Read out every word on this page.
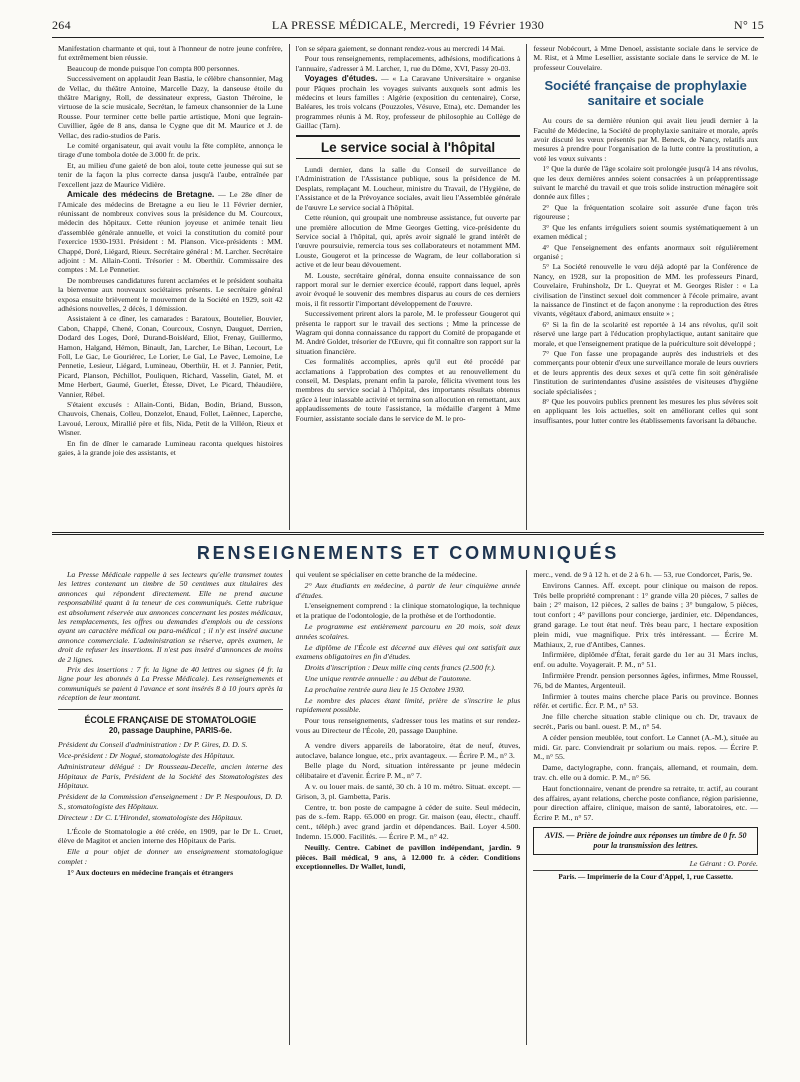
264	LA PRESSE MÉDICALE, Mercredi, 19 Février 1930	N° 15

Manifestation charmante et qui, tout à l'honneur de notre jeune confrère, fut extrêmement bien réussie.

Beaucoup de monde puisque l'on compta 800 personnes.

Successivement on applaudit Jean Bastia, le célèbre chansonnier, Mag de Vellac, du théâtre Antoine, Marcelle Dazy, la danseuse étoile du théâtre Marigny, Roll, de dessinateur express, Gaston Théroine, le virtuose de la scie musicale, Secrétan, le fameux chansonnier de la Lune Rousse. Pour terminer cette belle partie artistique, Moni que Iegrain-Cuvillier, âgée de 8 ans, dansa le Cygne que dit M. Maurice et J. de Vellac, des radio-studios de Paris.

Le comité organisateur, qui avait voulu la fête complète, annonça le tirage d'une tombola dotée de 3.000 fr. de prix.

Et, au milieu d'une gaieté de bon aloi, toute cette jeunesse qui sut se tenir de la façon la plus correcte dansa jusqu'à l'aube, entraînée par l'excellent jazz de Maurice Vidière.

Amicale des médecins de Bretagne. — Le 28e dîner de l'Amicale des médecins de Bretagne a eu lieu le 11 Février dernier, réunissant de nombreux convives sous la présidence du M. Courcoux, médecin des hôpitaux. Cette réunion joyeuse et animée tenait lieu d'assemblée générale annuelle, et voici la constitution du comité pour l'exercice 1930-1931. Président : M. Planson. Vice-présidents : MM. Chappé, Doré, Liégard, Rieux. Secrétaire général : M. Larcher. Secrétaire adjoint : M. Allain-Conti. Trésorier : M. Oberthür. Commissaire des comptes : M. Le Pennetier.

De nombreuses candidatures furent acclamées et le président souhaita la bienvenue aux nouveaux sociétaires présents. Le secrétaire général exposa ensuite brièvement le mouvement de la Société en 1929, soit 42 adhésions nouvelles, 2 décès, 1 démission.

Assistaient à ce dîner, les camarades : Baratoux, Boutelier, Bouvier, Cabon, Chappé, Chené, Conan, Courcoux, Cosnyn, Dauguet, Derrien, Dodard des Loges, Doré, Durand-Boisléard, Eliot, Frenay, Guillermo, Hamon, Halgand, Hémon, Binault, Jan, Larcher, Le Bihan, Lecourt, Le Foll, Le Gac, Le Gouriérec, Le Lorier, Le Gal, Le Pavec, Lemoine, Le Pennetie, Lesieur, Liégard, Lumineau, Oberthür, H. et J. Pannier, Petit, Picard, Planson, Péchillot, Pouliquen, Richard, Vasselin, Gatel, M. et Mme Herbert, Gaumé, Guerlet, Étesse, Divet, Le Picard, Théaudière, Vannier, Rébel.

S'étaient excusés : Allain-Conti, Bidan, Bodin, Briand, Busson, Chauvois, Chenais, Colleu, Donzelot, Enaud, Follet, Laënnec, Laperche, Lavoué, Leroux, Mirallié père et fils, Nida, Petit de la Villéon, Rieux et Wisner.

En fin de dîner le camarade Lumineau raconta quelques histoires gaies, à la grande joie des assistants, et

l'on se sépara gaiement, se donnant rendez-vous au mercredi 14 Mai.

Pour tous renseignements, remplacements, adhésions, modifications à l'annuaire, s'adresser à M. Larcher, 1, rue du Dôme, XVI, Passy 20-03.

Voyages d'études. — « La Caravane Universitaire » organise pour Pâques prochain les voyages suivants auxquels sont admis les médecins et leurs familles : Algérie (exposition du centenaire), Corse, Baléares, les trois volcans (Pouzzoles, Vésuve, Etna), etc. Demander les programmes réunis à M. Roy, professeur de philosophie au Collège de Gaillac (Tarn).

Le service social à l'hôpital

Lundi dernier, dans la salle du Conseil de surveillance de l'Administration de l'Assistance publique, sous la présidence de M. Desplats, remplaçant M. Loucheur, ministre du Travail, de l'Hygiène, de l'Assistance et de la Prévoyance sociales, avait lieu l'Assemblée générale de l'œuvre Le service social à l'hôpital.

Cette réunion, qui groupait une nombreuse assistance, fut ouverte par une première allocution de Mme Georges Getting, vice-présidente du Service social à l'hôpital, qui, après avoir signalé le grand intérêt de l'œuvre poursuivie, remercia tous ses collaborateurs et notamment MM. Louste, Gougerot et la princesse de Wagram, de leur collaboration si active et de leur beau dévouement.

M. Louste, secrétaire général, donna ensuite connaissance de son rapport moral sur le dernier exercice écoulé, rapport dans lequel, après avoir évoqué le souvenir des membres disparus au cours de ces derniers mois, il fit ressortir l'important développement de l'œuvre.

Successivement prirent alors la parole, M. le professeur Gougerot qui présenta le rapport sur le travail des sections ; Mme la princesse de Wagram qui donna connaissance du rapport du Comité de propagande et M. André Goldet, trésorier de l'Œuvre, qui fit connaître son rapport sur la situation financière.

Ces formalités accomplies, après qu'il eut été procédé par acclamations à l'approbation des comptes et au renouvellement du conseil, M. Desplats, prenant enfin la parole, félicita vivement tous les membres du service social à l'hôpital, des importants résultats obtenus grâce à leur inlassable activité et termina son allocution en remettant, aux applaudissements de toute l'assistance, la médaille d'argent à Mme Fournier, assistante sociale dans le service de M. le pro-

fesseur Nobécourt, à Mme Denoel, assistante sociale dans le service de M. Rist, et à Mme Lesellier, assistante sociale dans le service de M. le professeur Couvelaire.

Société française de prophylaxie sanitaire et sociale

Au cours de sa dernière réunion qui avait lieu jeudi dernier à la Faculté de Médecine, la Société de prophylaxie sanitaire et morale, après avoir discuté les vœux présentés par M. Beneck, de Nancy, relatifs aux mesures à prendre pour l'organisation de la lutte contre la prostitution, a voté les vœux suivants :

1° Que la durée de l'âge scolaire soit prolongée jusqu'à 14 ans révolus, que les deux dernières années soient consacrées à un préapprentissage suivant le marché du travail et que trois solide instruction ménagère soit donnée aux filles ;

2° Que la fréquentation scolaire soit assurée d'une façon très rigoureuse ;

3° Que les enfants irréguliers soient soumis systématiquement à un examen médical ;

4° Que l'enseignement des enfants anormaux soit régulièrement organisé ;

5° La Société renouvelle le vœu déjà adopté par la Conférence de Nancy, en 1928, sur la proposition de MM. les professeurs Pinard, Couvelaire, Fruhinsholz, Dr L. Queyrat et M. Georges Risler : « La civilisation de l'instinct sexuel doit commencer à l'école primaire, avant la naissance de l'instinct et de façon anonyme : la reproduction des êtres vivants, végétaux d'abord, animaux ensuite » ;

6° Si la fin de la scolarité est reportée à 14 ans révolus, qu'il soit réservé une large part à l'éducation prophylactique, autant sanitaire que morale, et que l'enseignement pratique de la puériculture soit développé ;

7° Que l'on fasse une propagande auprès des industriels et des commerçants pour obtenir d'eux une surveillance morale de leurs ouvriers et de leurs apprentis des deux sexes et qu'à cette fin soit généralisée l'institution de surintendantes d'usine assistées de visiteuses d'hygiène sociale spécialisées ;

8° Que les pouvoirs publics prennent les mesures les plus sévères soit en appliquant les lois actuelles, soit en améliorant celles qui sont insuffisantes, pour lutter contre les établissements favorisant la débauche.

RENSEIGNEMENTS ET COMMUNIQUÉS

La Presse Médicale rappelle à ses lecteurs qu'elle transmet toutes les lettres contenant un timbre de 50 centimes aux titulaires des annonces qui répondent directement. Elle ne prend aucune responsabilité quant à la teneur de ces communiqués. Cette rubrique est absolument réservée aux annonces concernant les postes médicaux, les remplacements, les offres ou demandes d'emplois ou de cessions ayant un caractère médical ou para-médical ; il n'y est inséré aucune annonce commerciale. L'administration se réserve, après examen, le droit de refuser les insertions. Il n'est pas inséré d'annonces de moins de 2 lignes.

Prix des insertions : 7 fr. la ligne de 40 lettres ou signes (4 fr. la ligne pour les abonnés à La Presse Médicale). Les renseignements et communiqués se paient à l'avance et sont insérés 8 à 10 jours après la réception de leur montant.

ÉCOLE FRANÇAISE DE STOMATOLOGIE
20, passage Dauphine, PARIS-6e.

Président du Conseil d'administration : Dr P. Gires, D. D. S.

Vice-président : Dr Nogué, stomatologiste des Hôpitaux.

Administrateur délégué : Dr Rousseau-Decelle, ancien interne des Hôpitaux de Paris, Président de la Société des Stomatologistes des Hôpitaux.

Président de la Commission d'enseignement : Dr P. Nespoulous, D. D. S., stomatologiste des Hôpitaux.

Directeur : Dr C. L'Hirondel, stomatologiste des Hôpitaux.

L'École de Stomatologie a été créée, en 1909, par le Dr L. Cruet, élève de Magitot et ancien interne des Hôpitaux de Paris.

Elle a pour objet de donner un enseignement stomatologique complet :

1° Aux docteurs en médecine français et étrangers

qui veulent se spécialiser en cette branche de la médecine.

2° Aux étudiants en médecine, à partir de leur cinquième année d'études.

L'enseignement comprend : la clinique stomatologique, la technique et la pratique de l'odontologie, de la prothèse et de l'orthodontie.

Le programme est entièrement parcouru en 20 mois, soit deux années scolaires.

Le diplôme de l'École est décerné aux élèves qui ont satisfait aux examens obligatoires en fin d'études.

Droits d'inscription : Deux mille cinq cents francs (2.500 fr.).

Une unique rentrée annuelle : au début de l'automne.

La prochaine rentrée aura lieu le 15 Octobre 1930.

Le nombre des places étant limité, prière de s'inscrire le plus rapidement possible.

Pour tous renseignements, s'adresser tous les matins et sur rendez-vous au Directeur de l'École, 20, passage Dauphine.

A vendre divers appareils de laboratoire, état de neuf, étuves, autoclave, balance longue, etc., prix avantageux. — Écrire P. M., n° 3.

Belle plage du Nord, situation intéressante pr jeune médecin célibataire et d'avenir. Écrire P. M., n° 7.

A v. ou louer mais. de santé, 30 ch. à 10 m. métro. Situat. except. — Grison, 3, pl. Gambetta, Paris.

Centre, tr. bon poste de campagne à céder de suite. Seul médecin, pas de s.-fem. Rapp. 65.000 en progr. Gr. maison (eau, électr., chauff. cent., téléph.) avec grand jardin et dépendances. Bail. Loyer 4.500. Indemn. 15.000. Facilités. — Écrire P. M., n° 42.

Neuilly. Centre. Cabinet de pavillon indépendant, jardin. 9 pièces. Bail médical, 9 ans, à 12.000 fr. à céder. Conditions exceptionnelles. Dr Wallet, lundi,

merc., vend. de 9 à 12 h. et de 2 à 6 h. — 53, rue Condorcet, Paris, 9e.

Environs Cannes. Aff. except. pour clinique ou maison de repos. Très belle propriété comprenant : 1° grande villa 20 pièces, 7 salles de bain ; 2° maison, 12 pièces, 2 salles de bains ; 3° bungalow, 5 pièces, tout confort ; 4° pavillons pour concierge, jardinier, etc. Dépendances, grand garage. Le tout état neuf. Très beau parc, 1 hectare exposition plein midi, vue magnifique. Prix très intéressant. — Écrire M. Mathiaux, 2, rue d'Antibes, Cannes.

Infirmière, diplômée d'État, ferait garde du 1er au 31 Mars inclus, enf. ou adulte. Voyagerait. P. M., n° 51.

Infirmière Prendr. pension personnes âgées, infirmes, Mme Roussel, 76, bd de Mantes, Argenteuil.

Infirmier à toutes mains cherche place Paris ou province. Bonnes référ. et certific. Écr. P. M., n° 53.

Jne fille cherche situation stable clinique ou ch. Dr, travaux de secrét., Paris ou banl. ouest. P. M., n° 54.

A céder pension meublée, tout confort. Le Cannet (A.-M.), située au midi. Gr. parc. Conviendrait pr solarium ou mais. repos. — Écrire P. M., n° 55.

Dame, dactylographe, conn. français, allemand, et roumain, dem. trav. ch. elle ou à domic. P. M., n° 56.

Haut fonctionnaire, venant de prendre sa retraite, tr. actif, au courant des affaires, ayant relations, cherche poste confiance, région parisienne, pour direction affaire, clinique, maison de santé, laboratoires, etc. — Écrire P. M., n° 57.

AVIS. — Prière de joindre aux réponses un timbre de 0 fr. 50 pour la transmission des lettres.
Le Gérant : O. Porée.
Paris. — Imprimerie de la Cour d'Appel, 1, rue Cassette.
